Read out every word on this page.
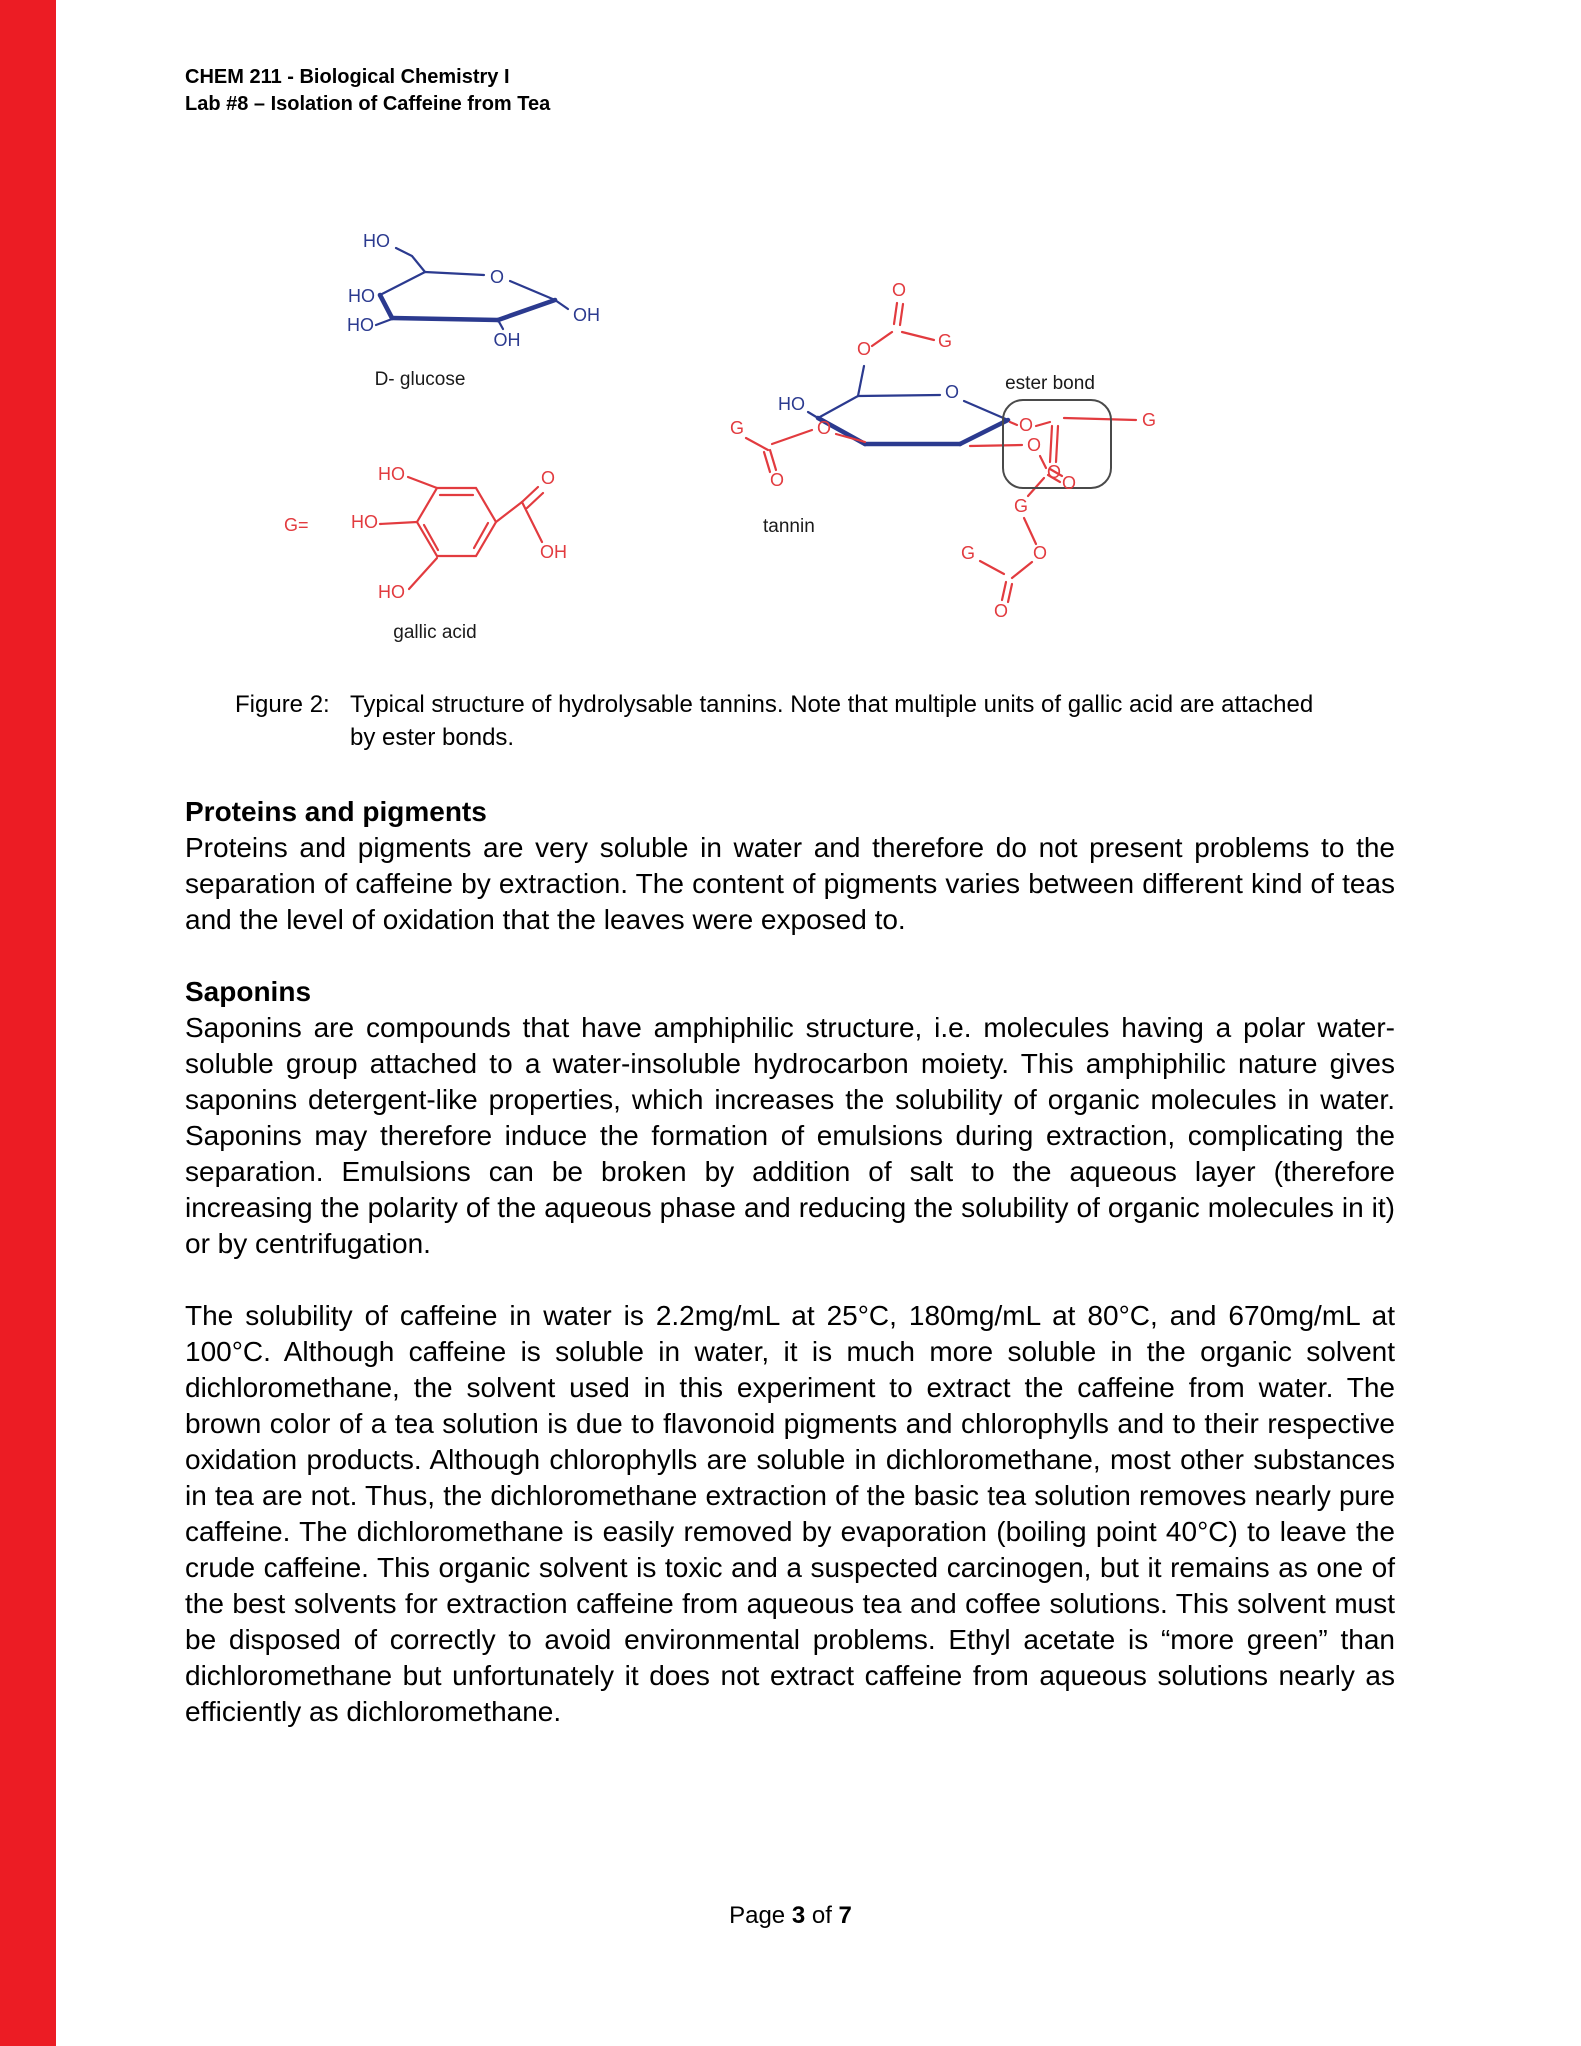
CHEM 211 - Biological Chemistry I
Lab #8 – Isolation of Caffeine from Tea
HO
HO
HO
O
OH
OH
D- glucose
G=
HO
HO
HO
O
OH
gallic acid
O
G
O
HO
O
G	O
O
O
O
G
O
O
G
G	O
O
ester bond
tannin
Figure 2: Typical structure of hydrolysable tannins. Note that multiple units of gallic acid are attached
by ester bonds.
Proteins and pigments

Proteins and pigments are very soluble in water and therefore do not present problems to the separation of caffeine by extraction. The content of pigments varies between different kind of teas and the level of oxidation that the leaves were exposed to.

Saponins

Saponins are compounds that have amphiphilic structure, i.e. molecules having a polar water-soluble group attached to a water-insoluble hydrocarbon moiety. This amphiphilic nature gives saponins detergent-like properties, which increases the solubility of organic molecules in water. Saponins may therefore induce the formation of emulsions during extraction, complicating the separation. Emulsions can be broken by addition of salt to the aqueous layer (therefore increasing the polarity of the aqueous phase and reducing the solubility of organic molecules in it) or by centrifugation.

The solubility of caffeine in water is 2.2mg/mL at 25°C, 180mg/mL at 80°C, and 670mg/mL at 100°C. Although caffeine is soluble in water, it is much more soluble in the organic solvent dichloromethane, the solvent used in this experiment to extract the caffeine from water. The brown color of a tea solution is due to flavonoid pigments and chlorophylls and to their respective oxidation products. Although chlorophylls are soluble in dichloromethane, most other substances in tea are not. Thus, the dichloromethane extraction of the basic tea solution removes nearly pure caffeine. The dichloromethane is easily removed by evaporation (boiling point 40°C) to leave the crude caffeine. This organic solvent is toxic and a suspected carcinogen, but it remains as one of the best solvents for extraction caffeine from aqueous tea and coffee solutions. This solvent must be disposed of correctly to avoid environmental problems. Ethyl acetate is “more green” than dichloromethane but unfortunately it does not extract caffeine from aqueous solutions nearly as efficiently as dichloromethane.

Page 3 of 7
